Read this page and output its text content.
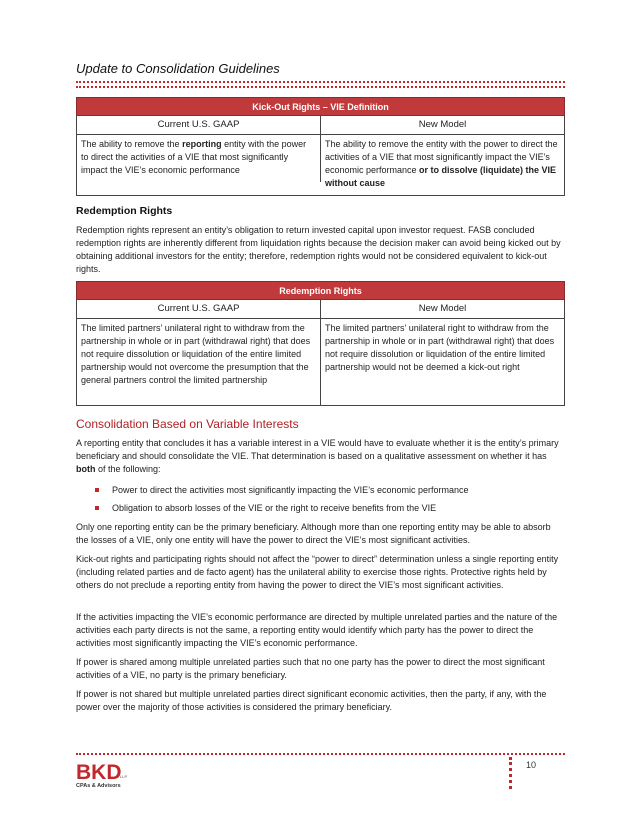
Update to Consolidation Guidelines
Kick-Out Rights – VIE Definition
Current U.S. GAAP	New Model
The ability to remove the reporting entity with the power to direct the activities of a VIE that most significantly impact the VIE’s economic performance
The ability to remove the entity with the power to direct the activities of a VIE that most significantly impact the VIE’s economic performance or to dissolve (liquidate) the VIE without cause
Redemption Rights
Redemption rights represent an entity’s obligation to return invested capital upon investor request. FASB concluded redemption rights are inherently different from liquidation rights because the decision maker can avoid being kicked out by obtaining additional investors for the entity; therefore, redemption rights would not be considered equivalent to kick-out rights.
Redemption Rights
Current U.S. GAAP	New Model
The limited partners’ unilateral right to withdraw from the partnership in whole or in part (withdrawal right) that does not require dissolution or liquidation of the entire limited partnership would not overcome the presumption that the general partners control the limited partnership
The limited partners’ unilateral right to withdraw from the partnership in whole or in part (withdrawal right) that does not require dissolution or liquidation of the entire limited partnership would not be deemed a kick-out right
Consolidation Based on Variable Interests
A reporting entity that concludes it has a variable interest in a VIE would have to evaluate whether it is the entity’s primary beneficiary and should consolidate the VIE. That determination is based on a qualitative assessment on whether it has both of the following:
Power to direct the activities most significantly impacting the VIE’s economic performance
Obligation to absorb losses of the VIE or the right to receive benefits from the VIE
Only one reporting entity can be the primary beneficiary. Although more than one reporting entity may be able to absorb the losses of a VIE, only one entity will have the power to direct the VIE’s most significant activities.
Kick-out rights and participating rights should not affect the “power to direct” determination unless a single reporting entity (including related parties and de facto agent) has the unilateral ability to exercise those rights. Protective rights held by others do not preclude a reporting entity from having the power to direct the VIE’s most significant activities.
If the activities impacting the VIE’s economic performance are directed by multiple unrelated parties and the nature of the activities each party directs is not the same, a reporting entity would identify which party has the power to direct the activities most significantly impacting the VIE’s economic performance.
If power is shared among multiple unrelated parties such that no one party has the power to direct the most significant activities of a VIE, no party is the primary beneficiary.
If power is not shared but multiple unrelated parties direct significant economic activities, then the party, if any, with the power over the majority of those activities is considered the primary beneficiary.
10
BKD
LLP
CPAs & Advisors
